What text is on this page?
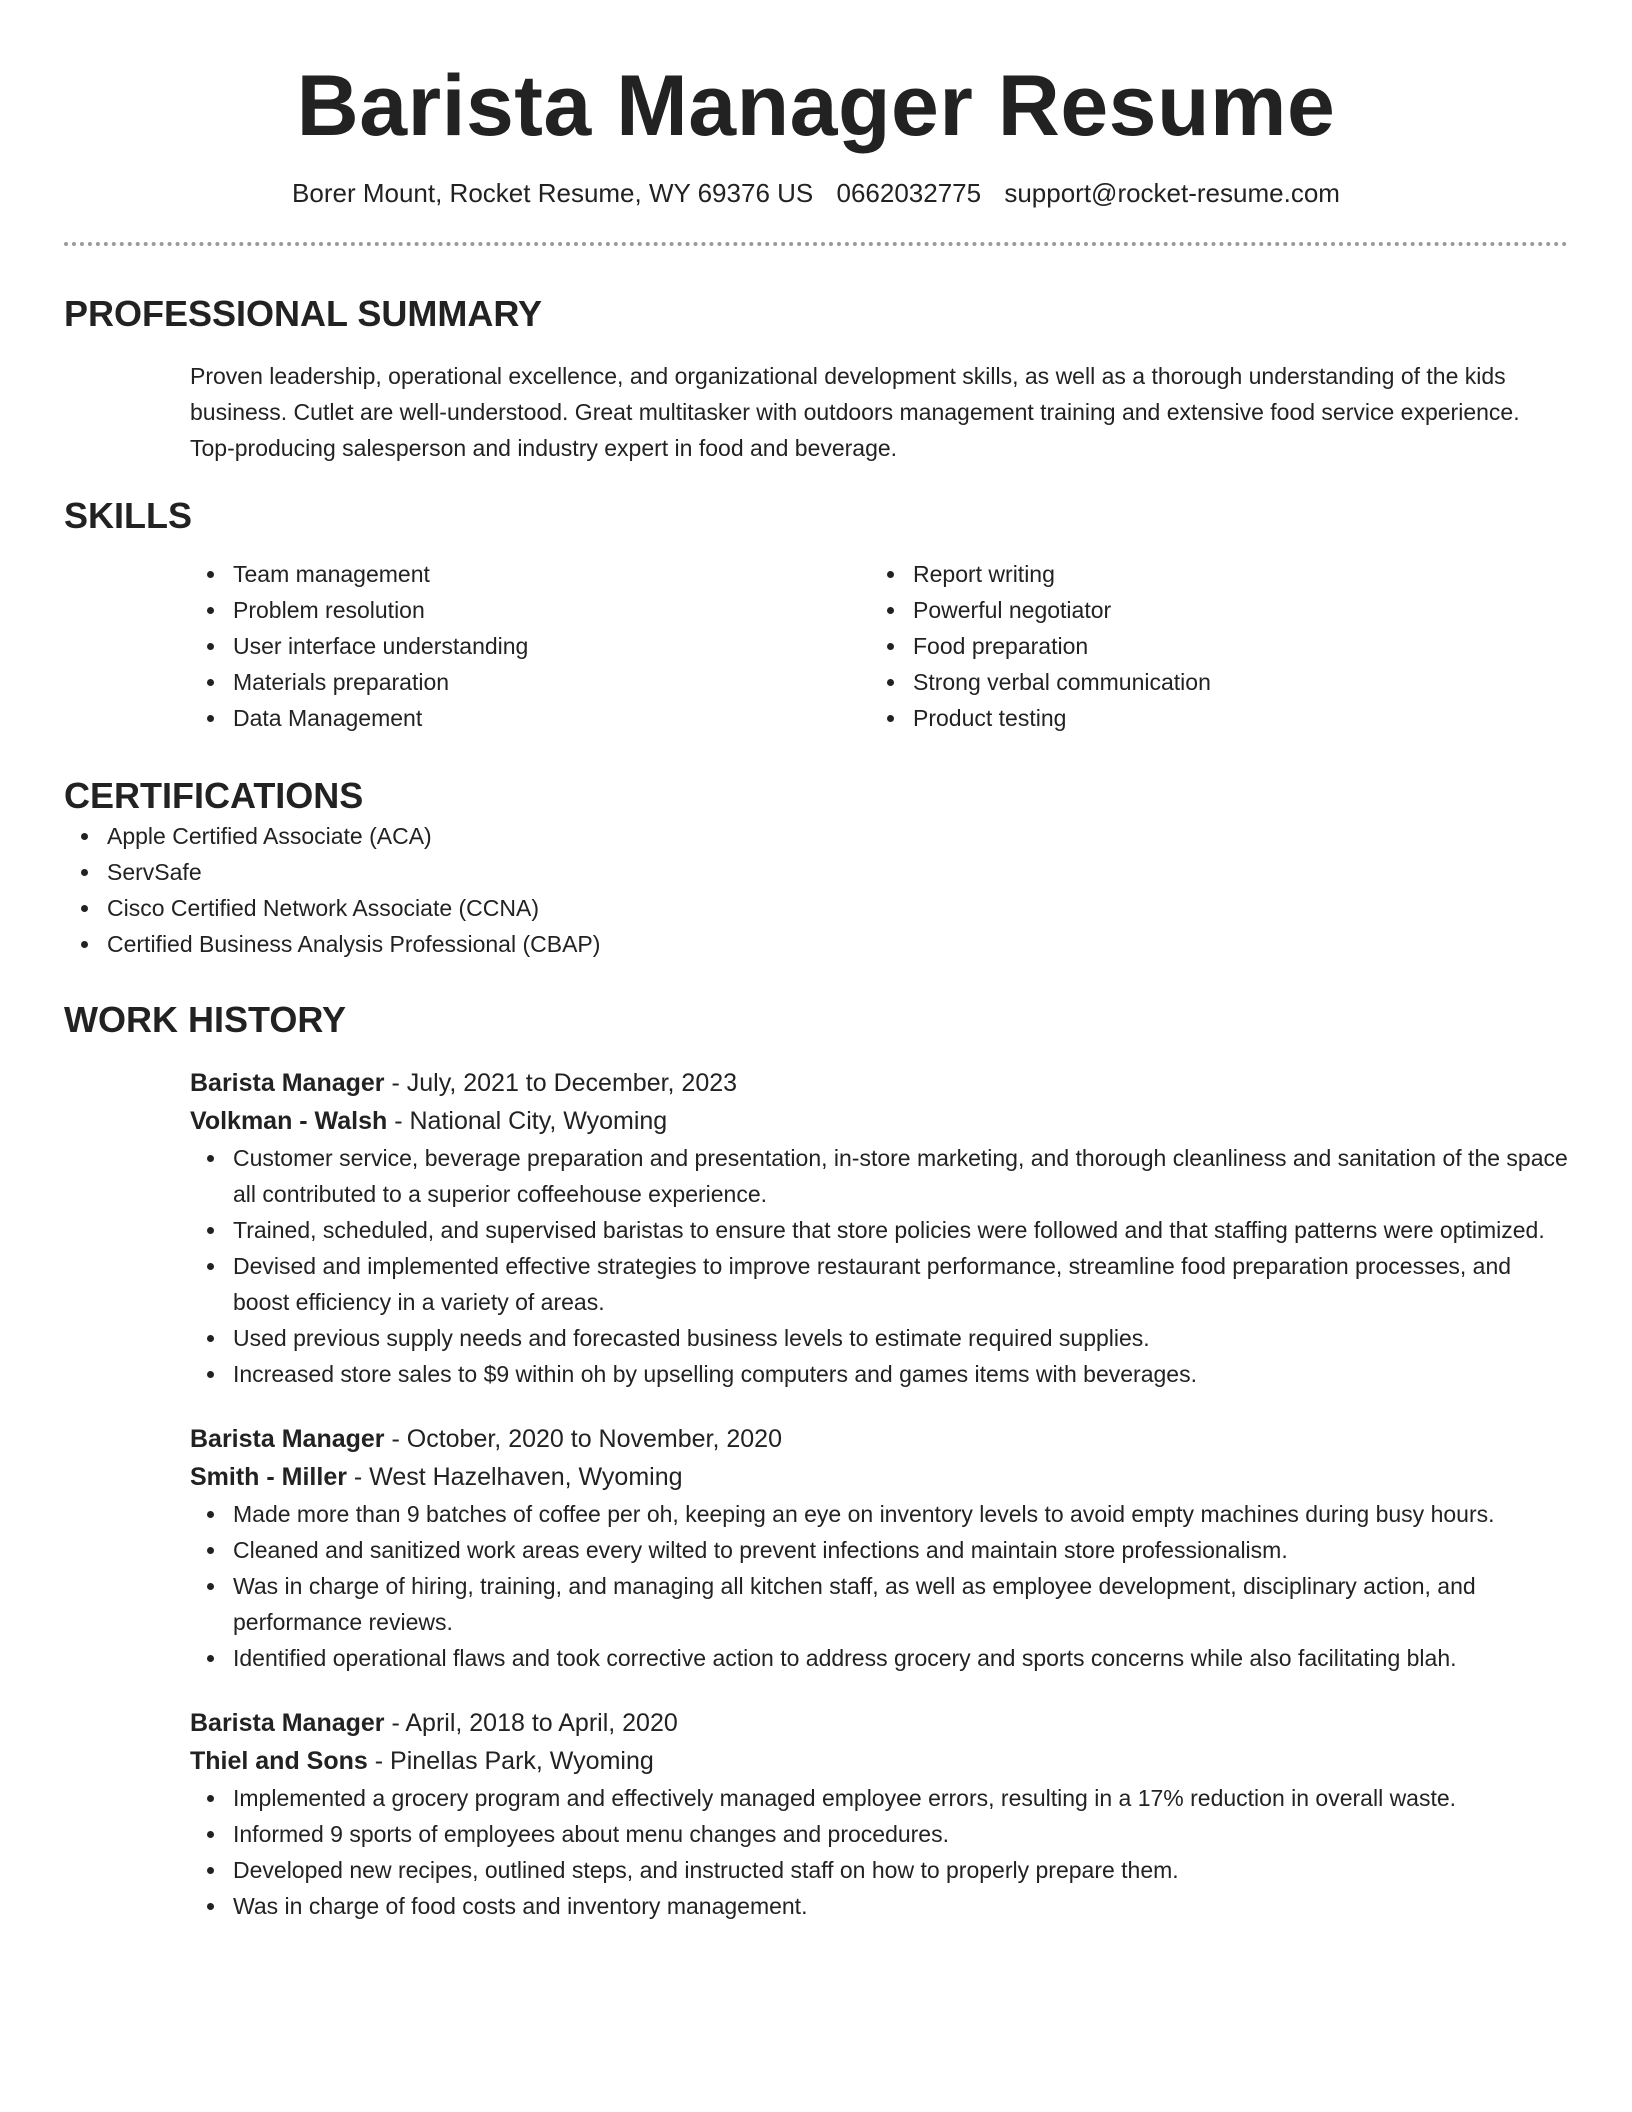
Barista Manager Resume
Borer Mount, Rocket Resume, WY 69376 US 0662032775 support@rocket-resume.com
PROFESSIONAL SUMMARY

Proven leadership, operational excellence, and organizational development skills, as well as a thorough understanding of the kids business. Cutlet are well-understood. Great multitasker with outdoors management training and extensive food service experience. Top-producing salesperson and industry expert in food and beverage.

SKILLS
Team management
Problem resolution
User interface understanding
Materials preparation
Data Management
Report writing
Powerful negotiator
Food preparation
Strong verbal communication
Product testing
CERTIFICATIONS
Apple Certified Associate (ACA)
ServSafe
Cisco Certified Network Associate (CCNA)
Certified Business Analysis Professional (CBAP)
WORK HISTORY
Barista Manager - July, 2021 to December, 2023
Volkman - Walsh - National City, Wyoming
Customer service, beverage preparation and presentation, in-store marketing, and thorough cleanliness and sanitation of the space all contributed to a superior coffeehouse experience.
Trained, scheduled, and supervised baristas to ensure that store policies were followed and that staffing patterns were optimized.
Devised and implemented effective strategies to improve restaurant performance, streamline food preparation processes, and boost efficiency in a variety of areas.
Used previous supply needs and forecasted business levels to estimate required supplies.
Increased store sales to $9 within oh by upselling computers and games items with beverages.
Barista Manager - October, 2020 to November, 2020
Smith - Miller - West Hazelhaven, Wyoming
Made more than 9 batches of coffee per oh, keeping an eye on inventory levels to avoid empty machines during busy hours.
Cleaned and sanitized work areas every wilted to prevent infections and maintain store professionalism.
Was in charge of hiring, training, and managing all kitchen staff, as well as employee development, disciplinary action, and performance reviews.
Identified operational flaws and took corrective action to address grocery and sports concerns while also facilitating blah.
Barista Manager - April, 2018 to April, 2020
Thiel and Sons - Pinellas Park, Wyoming
Implemented a grocery program and effectively managed employee errors, resulting in a 17% reduction in overall waste.
Informed 9 sports of employees about menu changes and procedures.
Developed new recipes, outlined steps, and instructed staff on how to properly prepare them.
Was in charge of food costs and inventory management.
